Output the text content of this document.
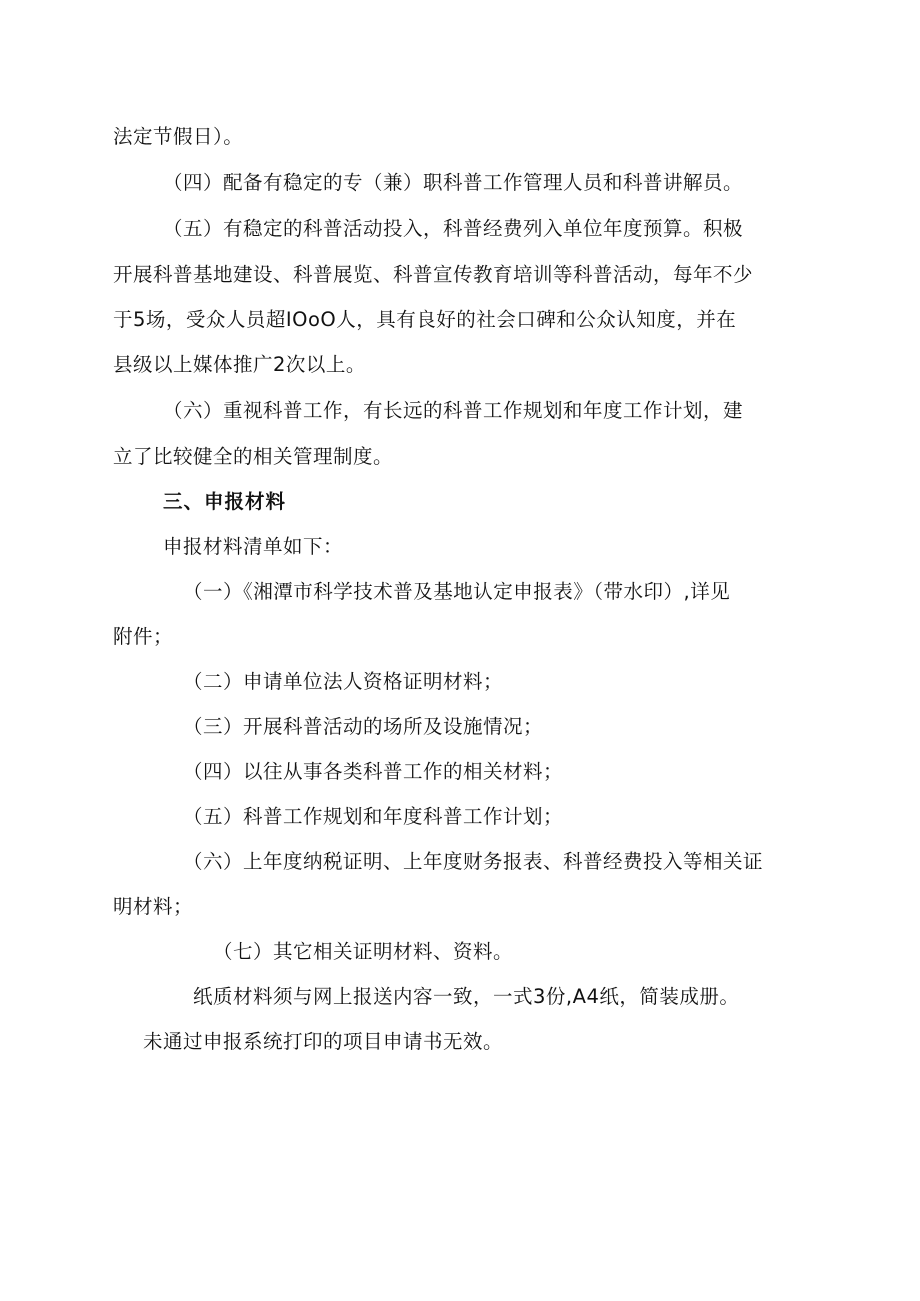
法定节假日）。
（四）配备有稳定的专（兼）职科普工作管理人员和科普讲解员。
（五）有稳定的科普活动投入，科普经费列入单位年度预算。积极
开展科普基地建设、科普展览、科普宣传教育培训等科普活动，每年不少
于5场，受众人员超IOoO人，具有良好的社会口碑和公众认知度，并在
县级以上媒体推广2次以上。
（六）重视科普工作，有长远的科普工作规划和年度工作计划，建
立了比较健全的相关管理制度。
三、申报材料
申报材料清单如下：
（一）《湘潭市科学技术普及基地认定申报表》（带水印）,详见
附件；
（二）申请单位法人资格证明材料；
（三）开展科普活动的场所及设施情况；
（四）以往从事各类科普工作的相关材料；
（五）科普工作规划和年度科普工作计划；
（六）上年度纳税证明、上年度财务报表、科普经费投入等相关证
明材料；
（七）其它相关证明材料、资料。
纸质材料须与网上报送内容一致，一式3份,A4纸，简装成册。
未通过申报系统打印的项目申请书无效。
